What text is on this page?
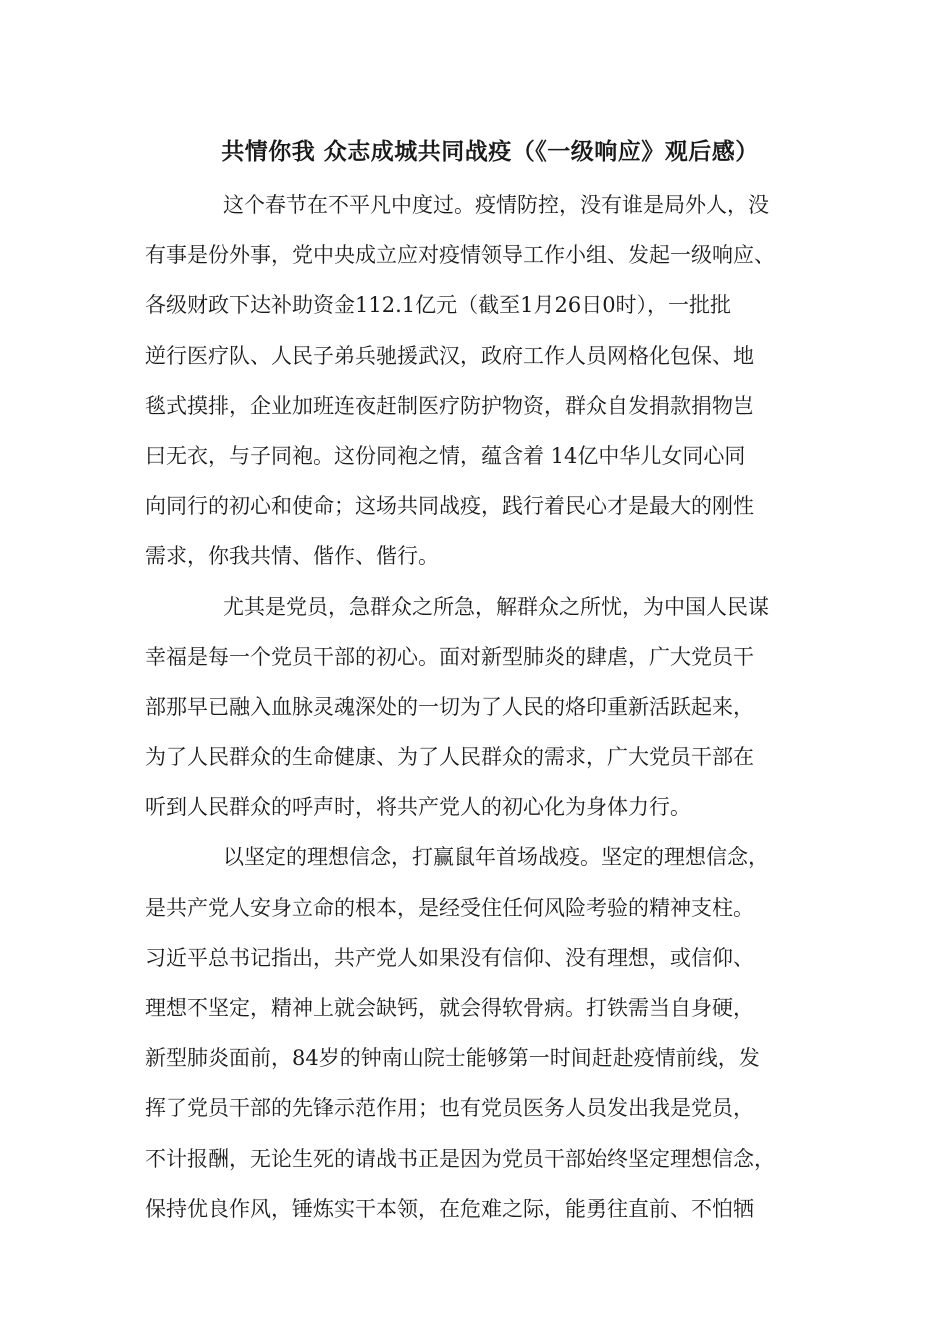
共情你我 众志成城共同战疫（《一级响应》观后感）

这个春节在不平凡中度过。疫情防控，没有谁是局外人，没
有事是份外事，党中央成立应对疫情领导工作小组、发起一级响应、
各级财政下达补助资金112.1亿元（截至1月26日0时），一批批
逆行医疗队、人民子弟兵驰援武汉，政府工作人员网格化包保、地
毯式摸排，企业加班连夜赶制医疗防护物资，群众自发捐款捐物岂
曰无衣，与子同袍。这份同袍之情，蕴含着 14亿中华儿女同心同
向同行的初心和使命；这场共同战疫，践行着民心才是最大的刚性
需求，你我共情、偕作、偕行。

尤其是党员，急群众之所急，解群众之所忧，为中国人民谋
幸福是每一个党员干部的初心。面对新型肺炎的肆虐，广大党员干
部那早已融入血脉灵魂深处的一切为了人民的烙印重新活跃起来，
为了人民群众的生命健康、为了人民群众的需求，广大党员干部在
听到人民群众的呼声时，将共产党人的初心化为身体力行。

以坚定的理想信念，打赢鼠年首场战疫。坚定的理想信念，
是共产党人安身立命的根本，是经受住任何风险考验的精神支柱。
习近平总书记指出，共产党人如果没有信仰、没有理想，或信仰、
理想不坚定，精神上就会缺钙，就会得软骨病。打铁需当自身硬，
新型肺炎面前，84岁的钟南山院士能够第一时间赶赴疫情前线，发
挥了党员干部的先锋示范作用；也有党员医务人员发出我是党员，
不计报酬，无论生死的请战书正是因为党员干部始终坚定理想信念，
保持优良作风，锤炼实干本领，在危难之际，能勇往直前、不怕牺
